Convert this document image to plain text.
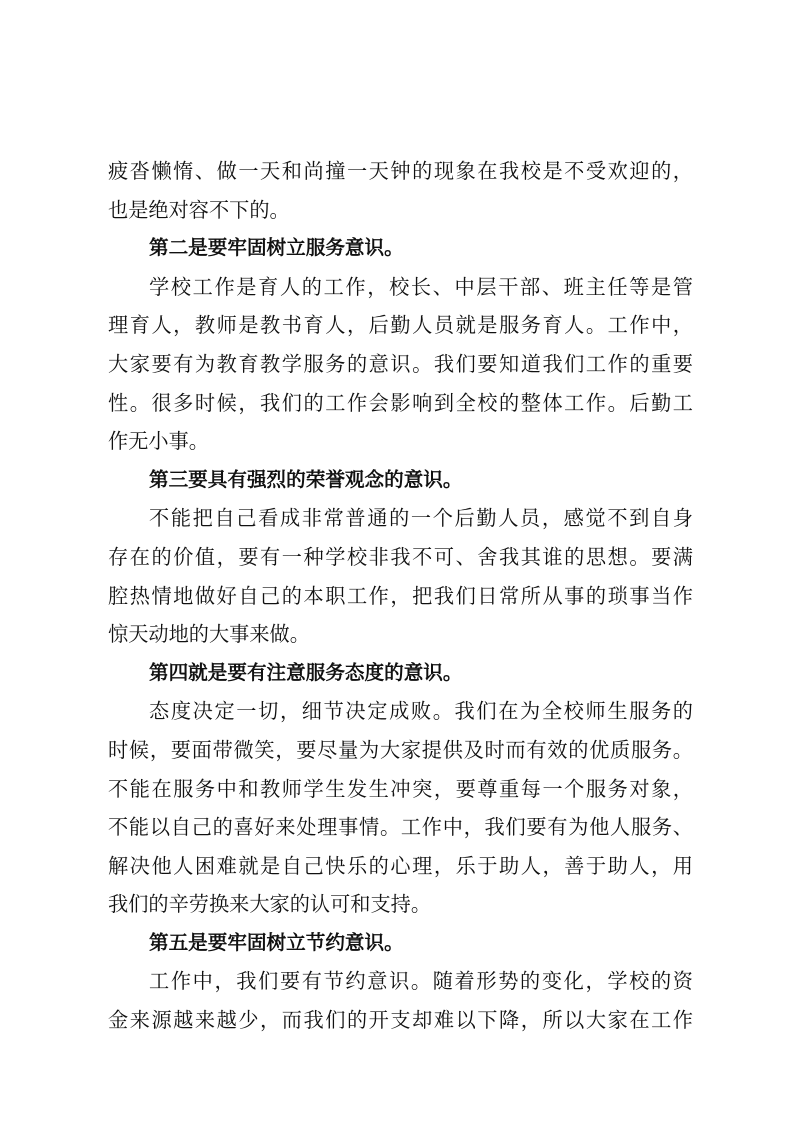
疲沓懒惰、做一天和尚撞一天钟的现象在我校是不受欢迎的，
也是绝对容不下的。
第二是要牢固树立服务意识。
学校工作是育人的工作，校长、中层干部、班主任等是管
理育人，教师是教书育人，后勤人员就是服务育人。工作中，
大家要有为教育教学服务的意识。我们要知道我们工作的重要
性。很多时候，我们的工作会影响到全校的整体工作。后勤工
作无小事。
第三要具有强烈的荣誉观念的意识。
不能把自己看成非常普通的一个后勤人员，感觉不到自身
存在的价值，要有一种学校非我不可、舍我其谁的思想。要满
腔热情地做好自己的本职工作，把我们日常所从事的琐事当作
惊天动地的大事来做。
第四就是要有注意服务态度的意识。
态度决定一切，细节决定成败。我们在为全校师生服务的
时候，要面带微笑，要尽量为大家提供及时而有效的优质服务。
不能在服务中和教师学生发生冲突，要尊重每一个服务对象，
不能以自己的喜好来处理事情。工作中，我们要有为他人服务、
解决他人困难就是自己快乐的心理，乐于助人，善于助人，用
我们的辛劳换来大家的认可和支持。
第五是要牢固树立节约意识。
工作中，我们要有节约意识。随着形势的变化，学校的资
金来源越来越少，而我们的开支却难以下降，所以大家在工作
